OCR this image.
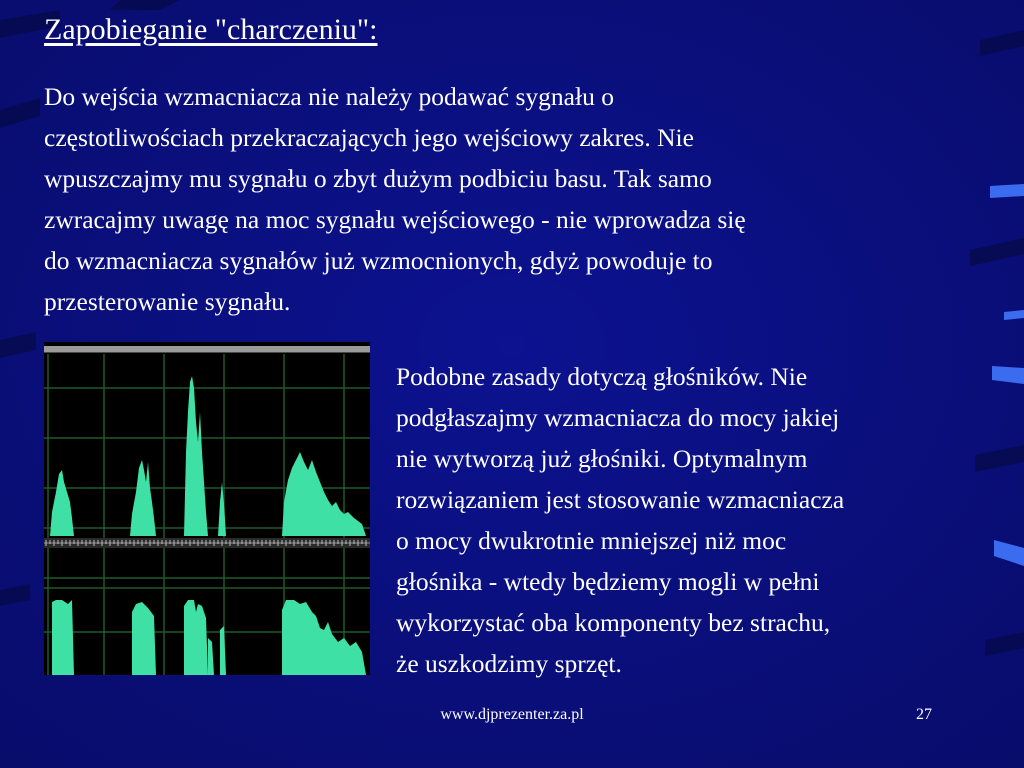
Zapobieganie "charczeniu":
Do wejścia wzmacniacza nie należy podawać sygnału o
częstotliwościach przekraczających jego wejściowy zakres. Nie
wpuszczajmy mu sygnału o zbyt dużym podbiciu basu. Tak samo
zwracajmy uwagę na moc sygnału wejściowego - nie wprowadza się
do wzmacniacza sygnałów już wzmocnionych, gdyż powoduje to
przesterowanie sygnału.
Podobne zasady dotyczą głośników. Nie
podgłaszajmy wzmacniacza do mocy jakiej
nie wytworzą już głośniki. Optymalnym
rozwiązaniem jest stosowanie wzmacniacza
o mocy dwukrotnie mniejszej niż moc
głośnika - wtedy będziemy mogli w pełni
wykorzystać oba komponenty bez strachu,
że uszkodzimy sprzęt.
www.djprezenter.za.pl	27
